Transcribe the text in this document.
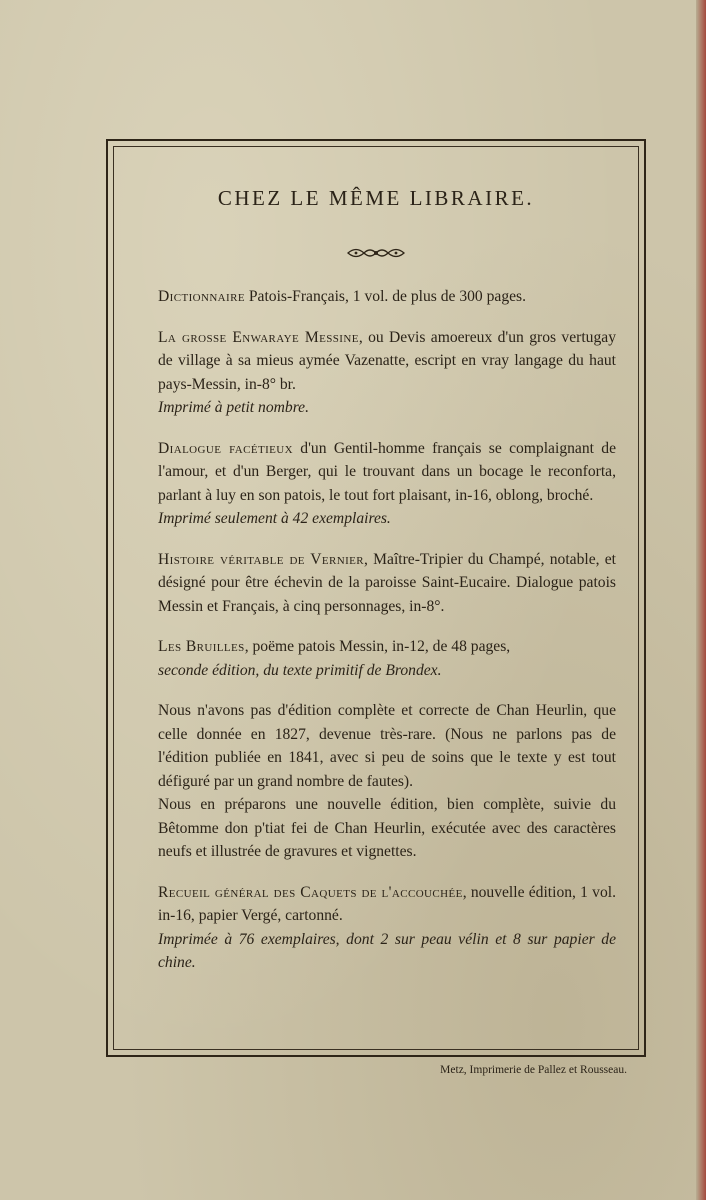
CHEZ LE MÊME LIBRAIRE.

Dictionnaire Patois-Français, 1 vol. de plus de 300 pages.

La grosse Enwaraye Messine, ou Devis amoereux d'un gros vertugay de village à sa mieus aymée Vazenatte, escript en vray langage du haut pays-Messin, in-8° br.
Imprimé à petit nombre.

Dialogue facétieux d'un Gentil-homme français se complaignant de l'amour, et d'un Berger, qui le trouvant dans un bocage le reconforta, parlant à luy en son patois, le tout fort plaisant, in-16, oblong, broché.
Imprimé seulement à 42 exemplaires.

Histoire véritable de Vernier, Maître-Tripier du Champé, notable, et désigné pour être échevin de la paroisse Saint-Eucaire. Dialogue patois Messin et Français, à cinq personnages, in-8°.

Les Bruilles, poëme patois Messin, in-12, de 48 pages,
seconde édition, du texte primitif de Brondex.

Nous n'avons pas d'édition complète et correcte de Chan Heurlin, que celle donnée en 1827, devenue très-rare. (Nous ne parlons pas de l'édition publiée en 1841, avec si peu de soins que le texte y est tout défiguré par un grand nombre de fautes).

Nous en préparons une nouvelle édition, bien complète, suivie du Bêtomme don p'tiat fei de Chan Heurlin, exécutée avec des caractères neufs et illustrée de gravures et vignettes.

Recueil général des Caquets de l'accouchée, nouvelle édition, 1 vol. in-16, papier Vergé, cartonné.
Imprimée à 76 exemplaires, dont 2 sur peau vélin et 8 sur papier de chine.

Metz, Imprimerie de Pallez et Rousseau.
